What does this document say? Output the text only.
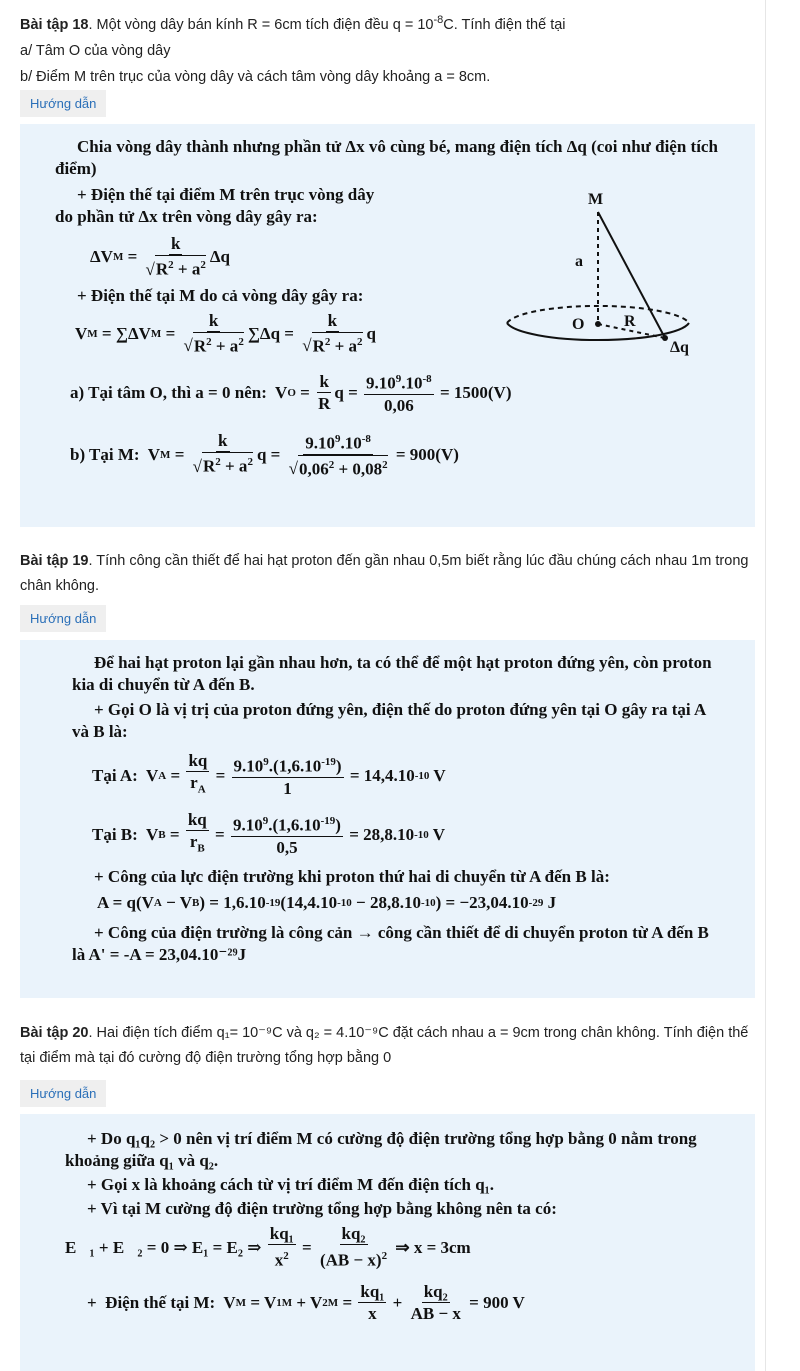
Bài tập 18. Một vòng dây bán kính R = 6cm tích điện đều $q = 10^{-8}C$. Tính điện thế tại
a/ Tâm O của vòng dây
b/ Điểm M trên trục của vòng dây và cách tâm vòng dây khoảng a = 8cm.
Hướng dẫn

Chia vòng dây thành nhưng phần tử Δx vô cùng bé, mang điện tích Δq (coi như điện tích điểm)

+ Điện thế tại điểm M trên trục vòng dây do phần tử Δx trên vòng dây gây ra:

ΔV $M = \frac{k}{√R^2 + a^2}$ Δq

+ Điện thế tại M do cả vòng dây gây ra:

V M = ∑ΔV $M = \frac{k}{√R^2 + a^2} \sum\Delta q = \frac{k}{√R^2 + a^2}$ q
a) Tại tâm O, thì a = 0 nên:  V $O = \frac{k}{R}$ $q = \frac{9.10^9.10^{-8}}{0,06} = 1500(V)$
b) Tại M:  V $M = \frac{k}{√R^2 + a^2}$ $q = \frac{9.10^9.10^{-8}}{√0,06^2 + 0,08^2} = 900(V)$
M
a
O R
Δq
Bài tập 19. Tính công cần thiết để hai hạt proton đến gần nhau 0,5m biết rằng lúc đầu chúng cách nhau 1m trong chân không.
Hướng dẫn

Để hai hạt proton lại gần nhau hơn, ta có thể để một hạt proton đứng yên, còn proton kia di chuyển từ A đến B.

+ Gọi O là vị trị của proton đứng yên, điện thế do proton đứng yên tại O gây ra tại A và B là:

Tại A:  V $A = \frac{kq}{r_A} = \frac{9.10^9.(1,6.10^{-19})}{1} = 14,4.10$ -10 V
Tại B:  V $B = \frac{kq}{r_B} = \frac{9.10^9.(1,6.10^{-19})}{0,5} = 28,8.10$ -10 V

+ Công của lực điện trường khi proton thứ hai di chuyển từ A đến B là:

A = q(V A − V B ) = 1,6.10 -19 (14,4.10 -10 − 28,8.10 -10 ) = −23,04.10 -29 J

+ Công của điện trường là công cản → công cần thiết để di chuyển proton từ A đến B là A' = -A = 23,04.10⁻²⁹J

Bài tập 20. Hai điện tích điểm q₁= 10⁻⁹C và q₂ = 4.10⁻⁹C đặt cách nhau a = 9cm trong chân không. Tính điện thế tại điểm mà tại đó cường độ điện trường tổng hợp bằng 0
Hướng dẫn

+ Do q₁q₂ > 0 nên vị trí điểm M có cường độ điện trường tổng hợp bằng 0 nằm trong khoảng giữa q₁ và q₂.

+ Gọi x là khoảng cách từ vị trí điểm M đến điện tích q₁.

+ Vì tại M cường độ điện trường tổng hợp bằng không nên ta có:

E⃗₁ + E⃗₂ = 0 ⇒ E₁ = E₂ ⇒ $\frac{\text{kq₁}}{x^2} = \frac{\text{kq₂}}{(AB - x)^2}$ ⇒ x = 3cm
+  Điện thế tại M:  V M = V 1M + V $2M = \frac{\text{kq₁}}{x} + \frac{\text{kq₂}}{AB - x} = 900$ V
